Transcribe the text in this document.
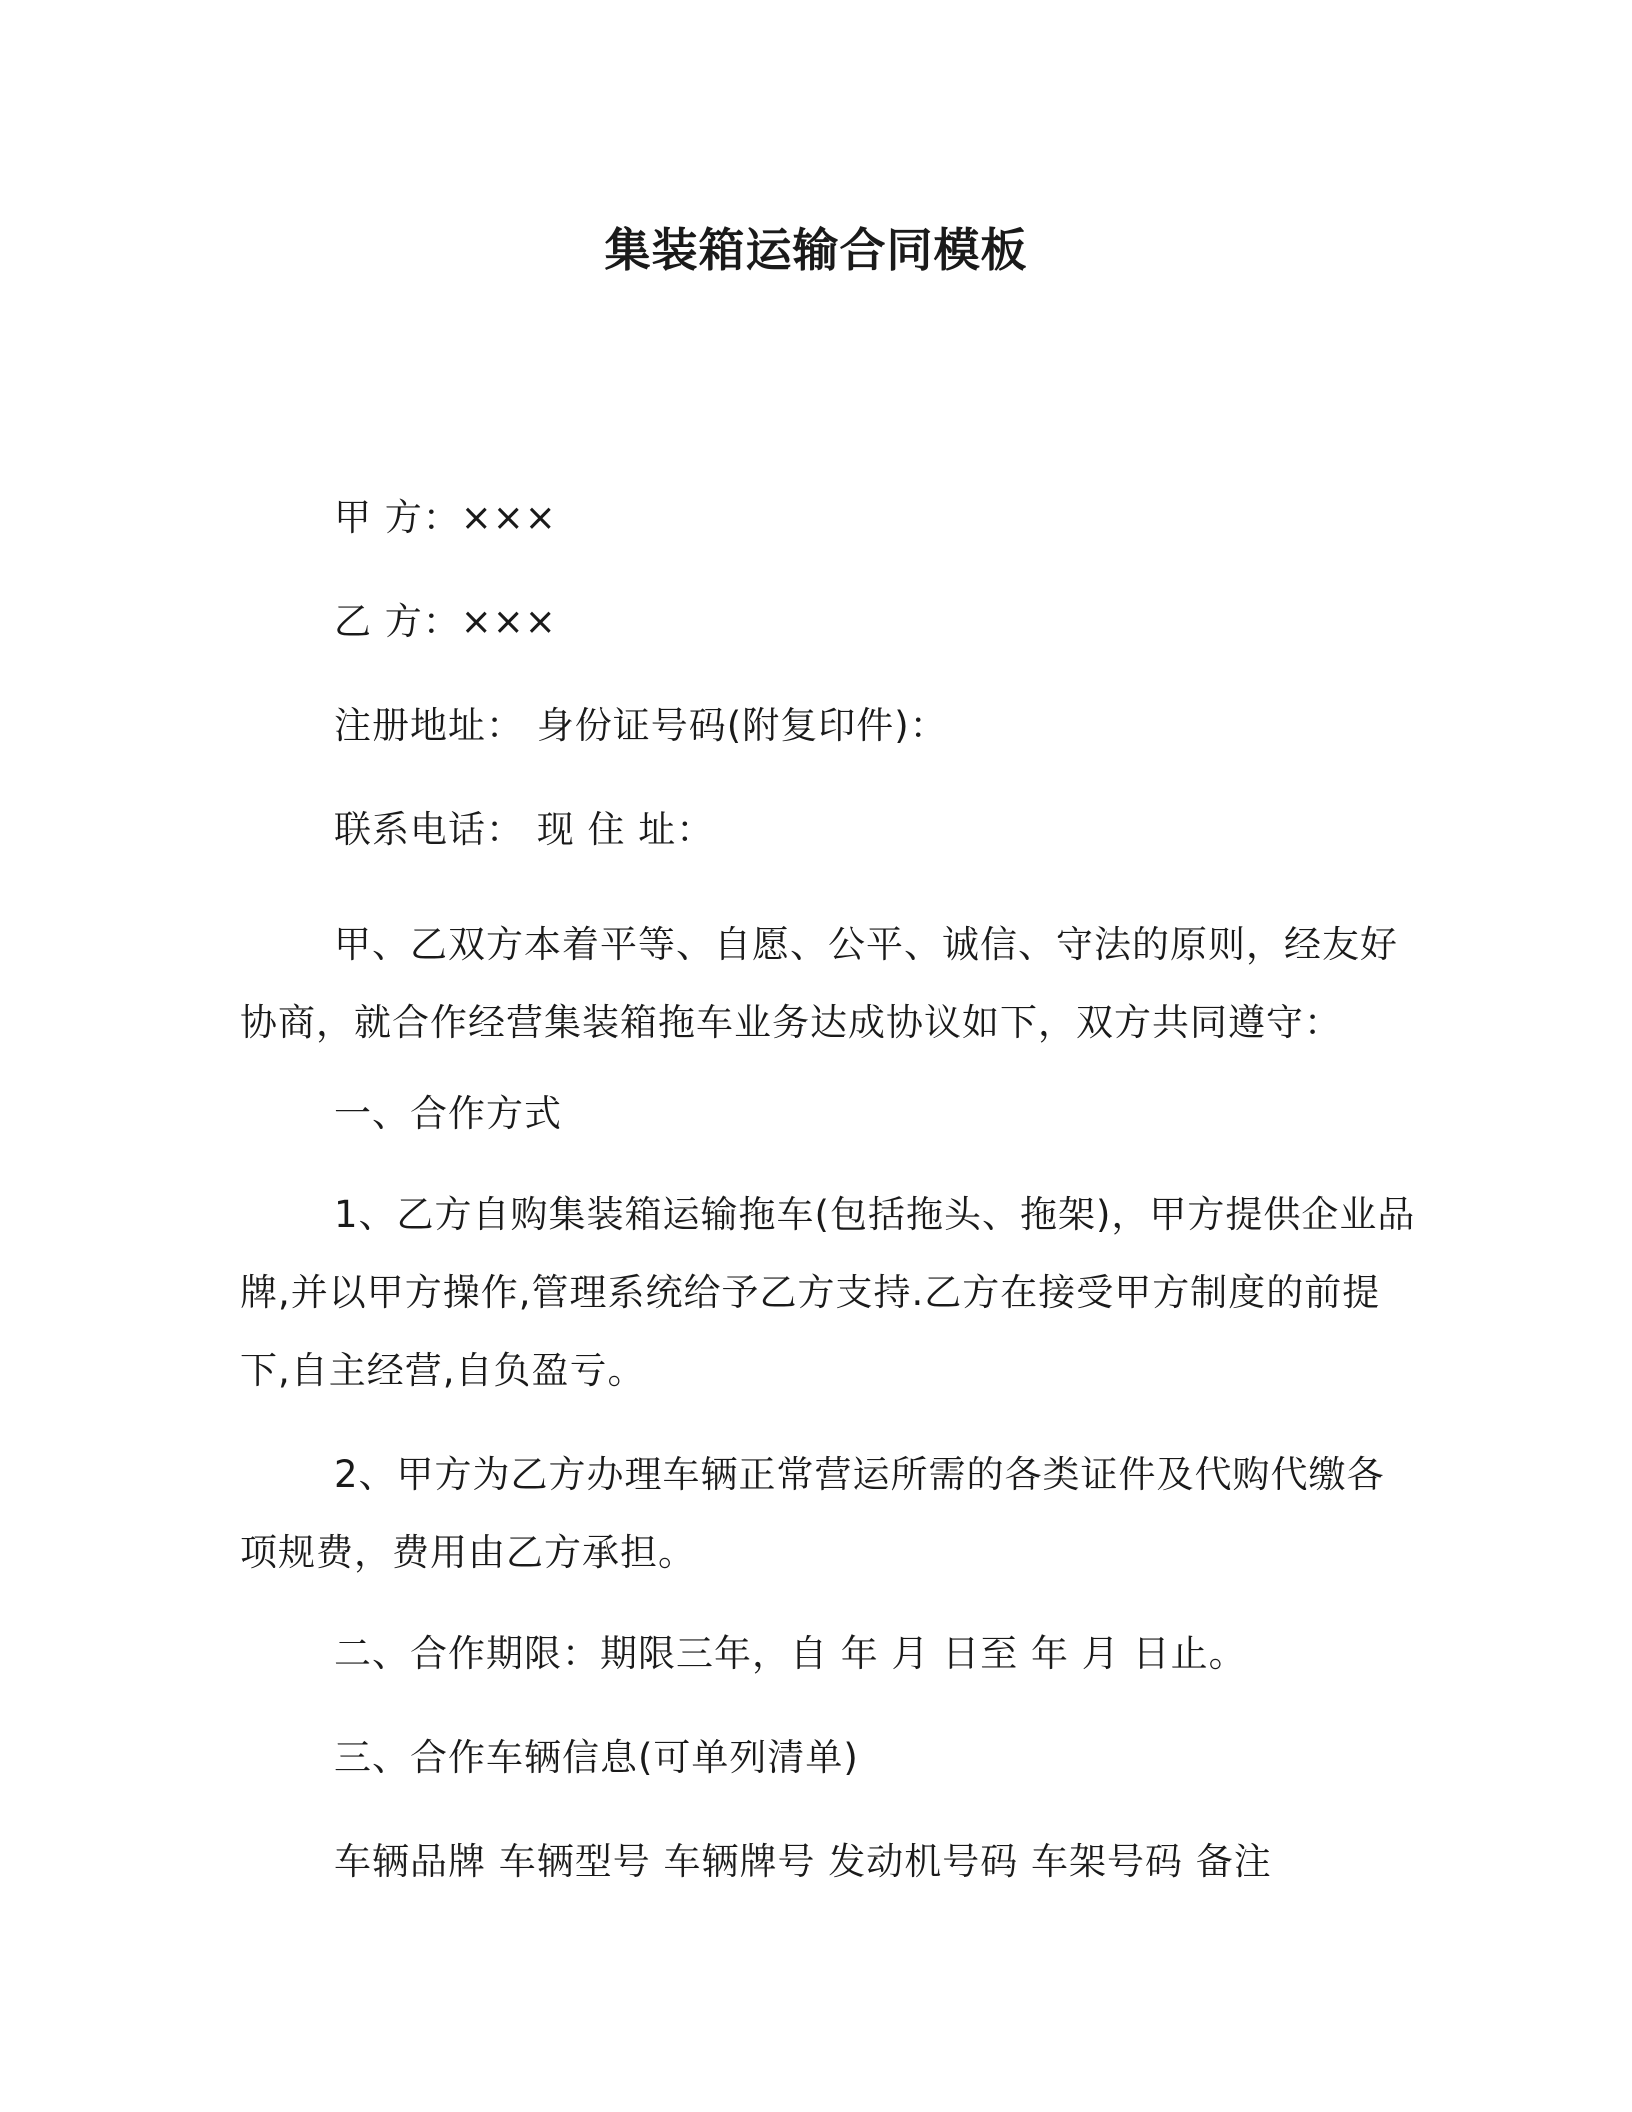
集装箱运输合同模板
甲 方：×××
乙 方：×××
注册地址： 身份证号码(附复印件)：
联系电话： 现 住 址：
甲、乙双方本着平等、自愿、公平、诚信、守法的原则，经友好
协商，就合作经营集装箱拖车业务达成协议如下，双方共同遵守：
一、合作方式
1、乙方自购集装箱运输拖车(包括拖头、拖架)，甲方提供企业品
牌,并以甲方操作,管理系统给予乙方支持.乙方在接受甲方制度的前提
下,自主经营,自负盈亏。
2、甲方为乙方办理车辆正常营运所需的各类证件及代购代缴各
项规费，费用由乙方承担。
二、合作期限：期限三年，自 年 月 日至 年 月 日止。
三、合作车辆信息(可单列清单)
车辆品牌 车辆型号 车辆牌号 发动机号码 车架号码 备注
